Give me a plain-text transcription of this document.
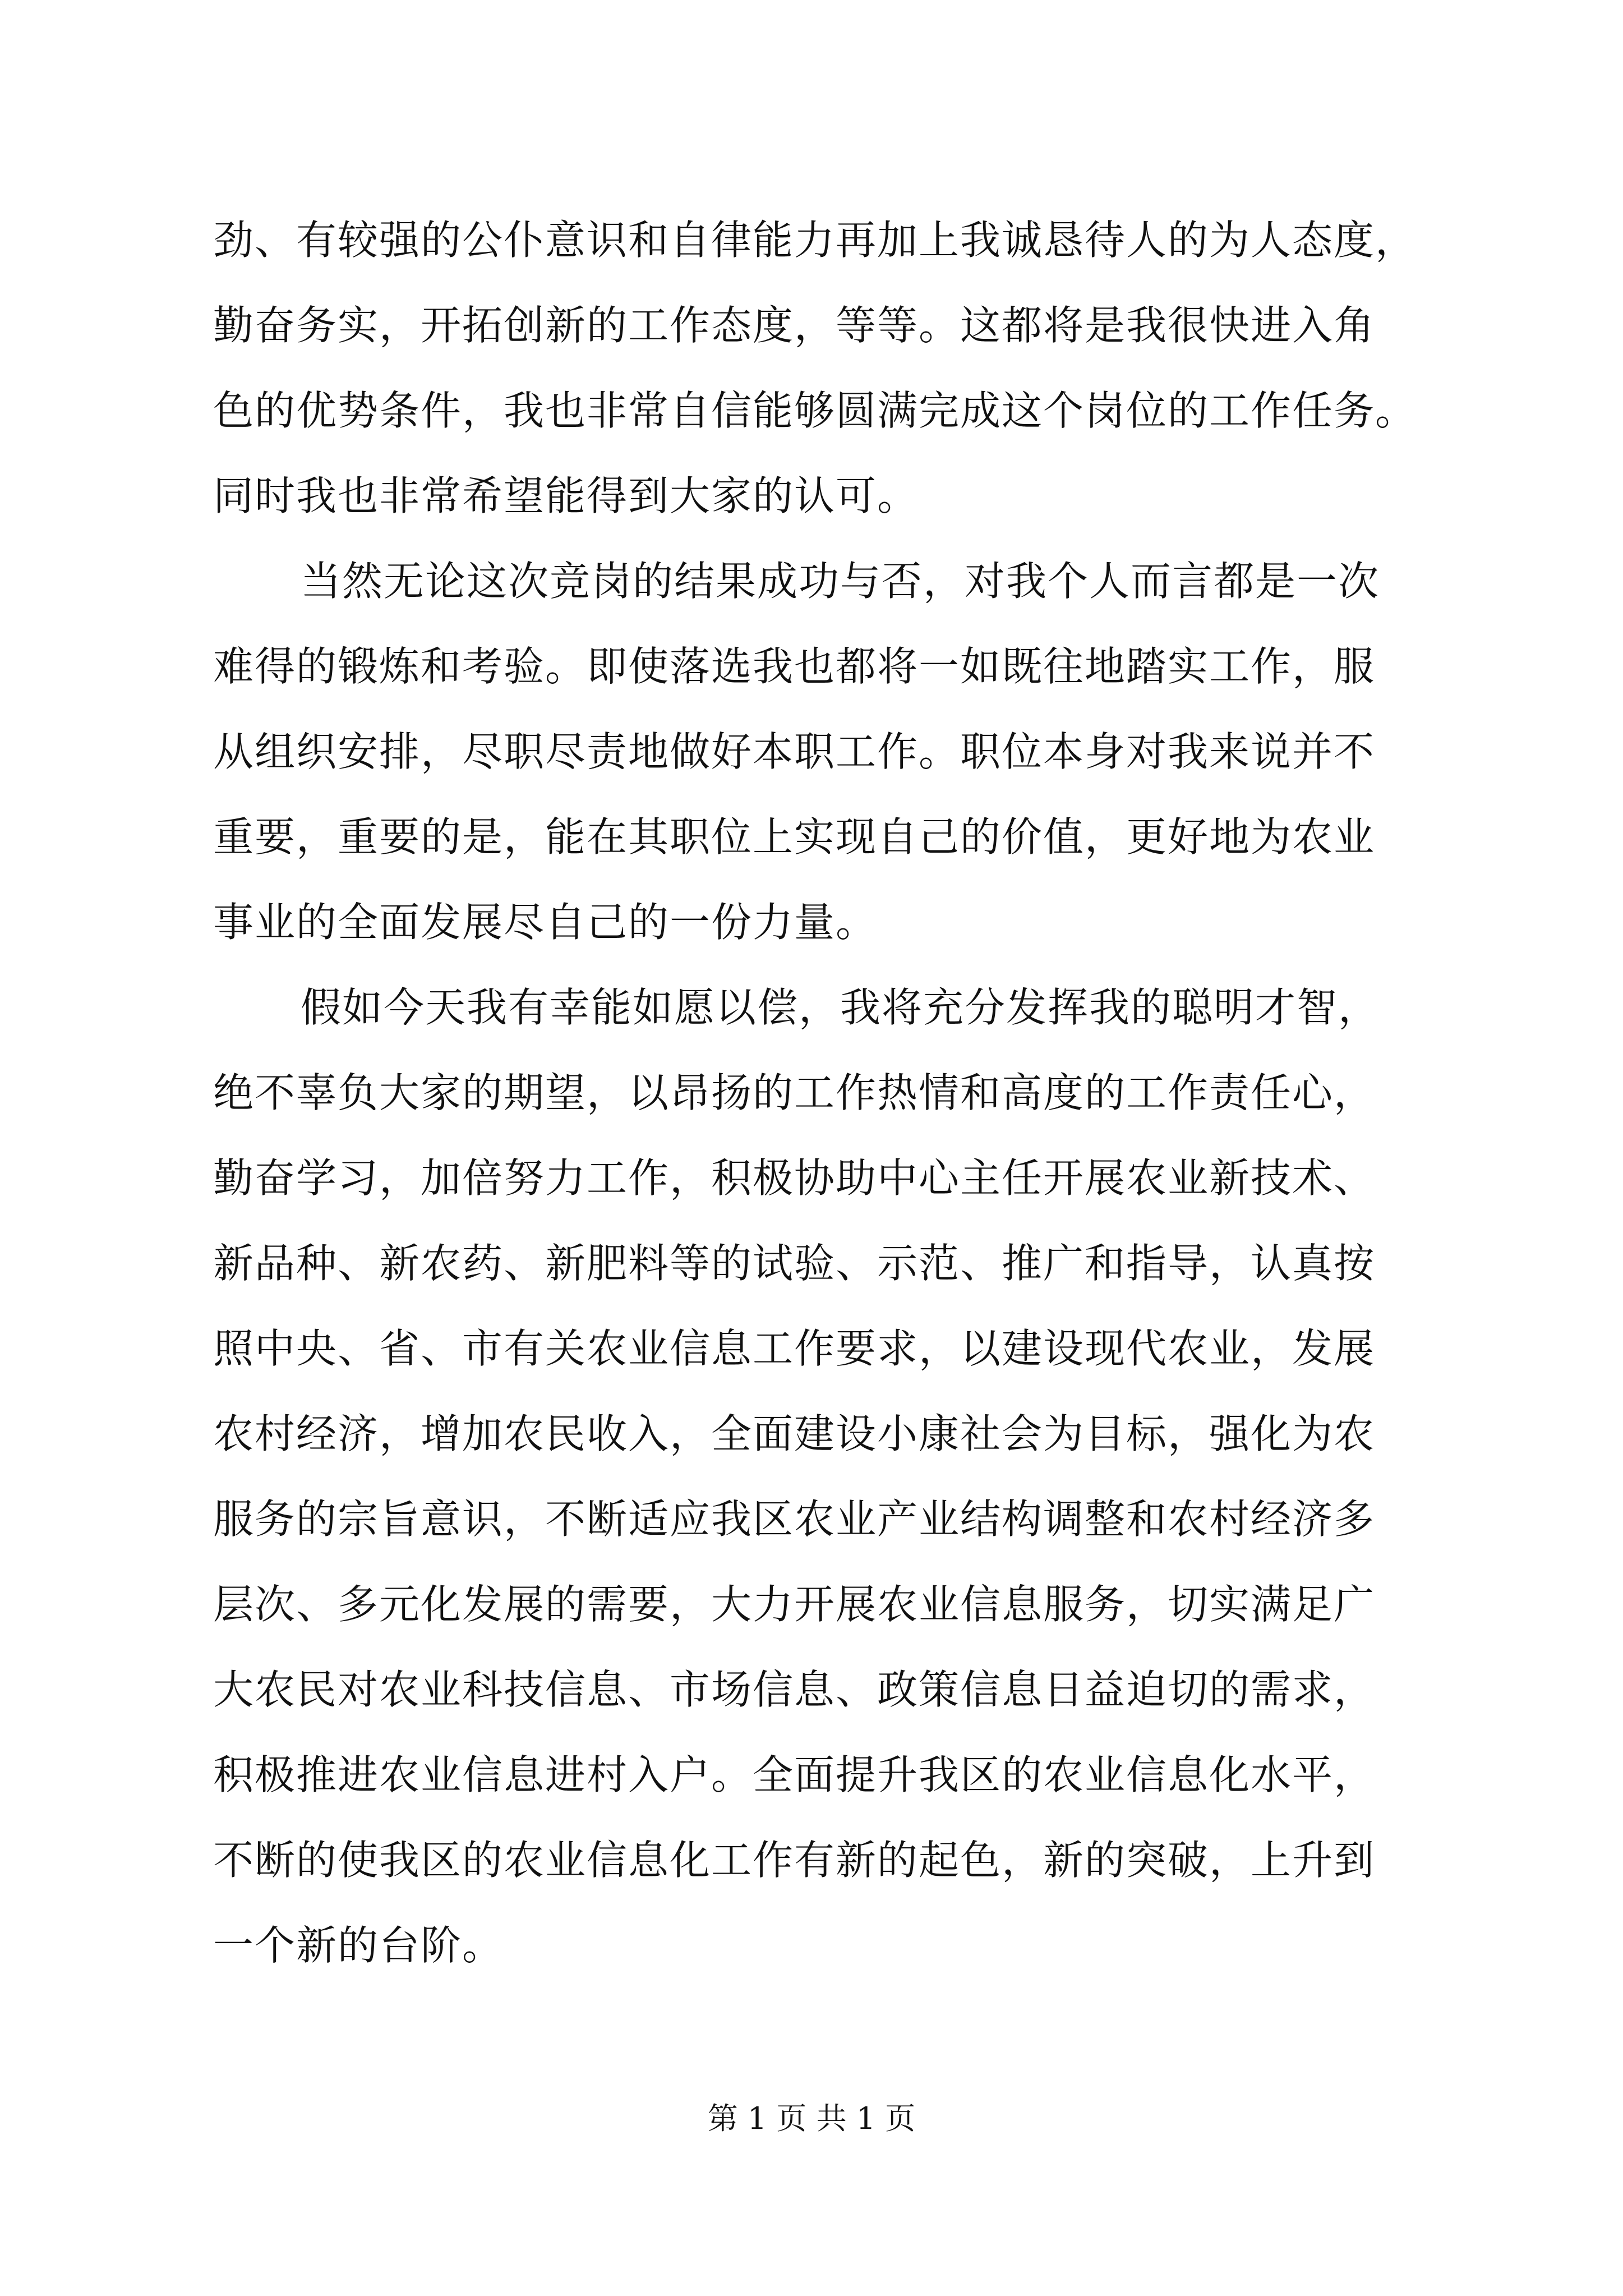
劲、有较强的公仆意识和自律能力再加上我诚恳待人的为人态度，
勤奋务实，开拓创新的工作态度，等等。这都将是我很快进入角
色的优势条件，我也非常自信能够圆满完成这个岗位的工作任务。
同时我也非常希望能得到大家的认可。
当然无论这次竞岗的结果成功与否，对我个人而言都是一次
难得的锻炼和考验。即使落选我也都将一如既往地踏实工作，服
从组织安排，尽职尽责地做好本职工作。职位本身对我来说并不
重要，重要的是，能在其职位上实现自己的价值，更好地为农业
事业的全面发展尽自己的一份力量。
假如今天我有幸能如愿以偿，我将充分发挥我的聪明才智，
绝不辜负大家的期望，以昂扬的工作热情和高度的工作责任心，
勤奋学习，加倍努力工作，积极协助中心主任开展农业新技术、
新品种、新农药、新肥料等的试验、示范、推广和指导，认真按
照中央、省、市有关农业信息工作要求，以建设现代农业，发展
农村经济，增加农民收入，全面建设小康社会为目标，强化为农
服务的宗旨意识，不断适应我区农业产业结构调整和农村经济多
层次、多元化发展的需要，大力开展农业信息服务，切实满足广
大农民对农业科技信息、市场信息、政策信息日益迫切的需求，
积极推进农业信息进村入户。全面提升我区的农业信息化水平，
不断的使我区的农业信息化工作有新的起色，新的突破，上升到
一个新的台阶。
第 1 页 共 1 页
